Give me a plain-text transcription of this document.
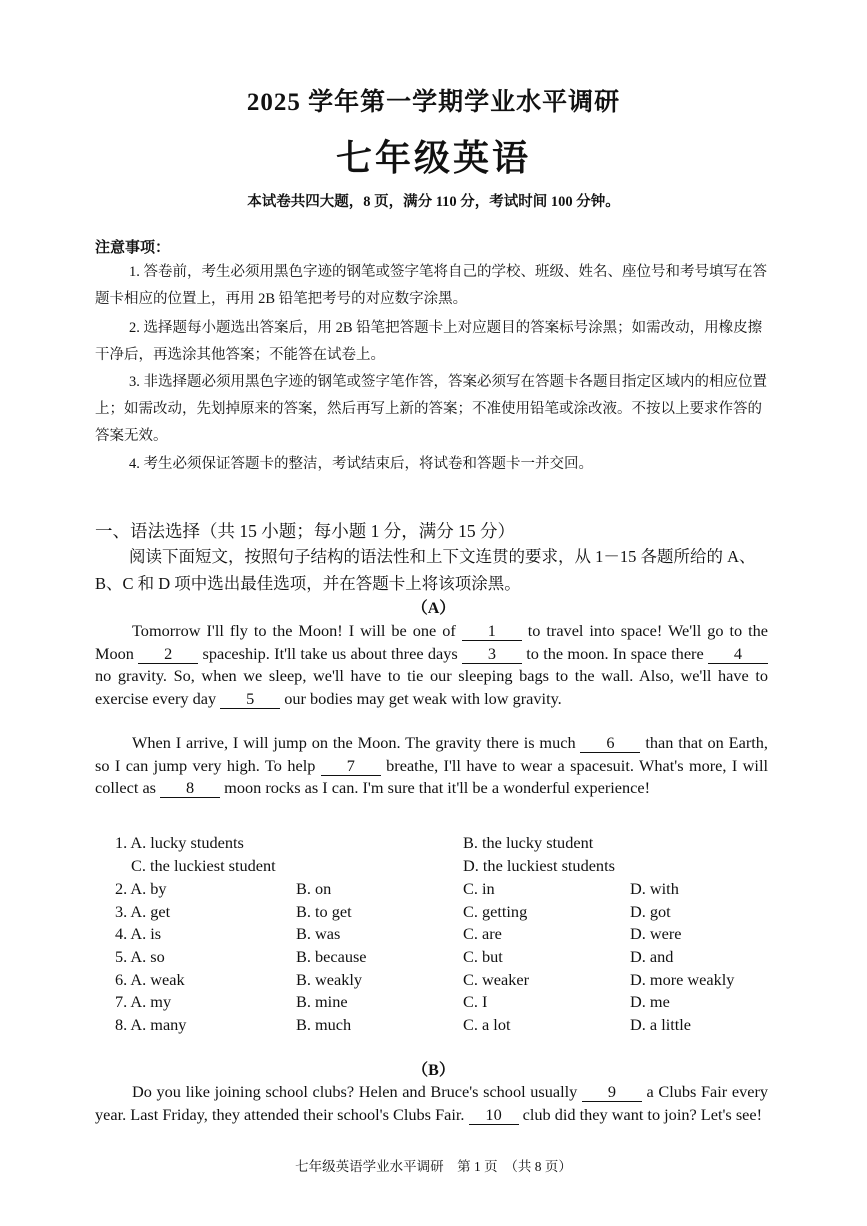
2025 学年第一学期学业水平调研
七年级英语
本试卷共四大题，8 页，满分 110 分，考试时间 100 分钟。
注意事项：
1. 答卷前，考生必须用黑色字迹的钢笔或签字笔将自己的学校、班级、姓名、座位号和考号填写在答题卡相应的位置上，再用 2B 铅笔把考号的对应数字涂黑。
2. 选择题每小题选出答案后，用 2B 铅笔把答题卡上对应题目的答案标号涂黑；如需改动，用橡皮擦干净后，再选涂其他答案；不能答在试卷上。
3. 非选择题必须用黑色字迹的钢笔或签字笔作答，答案必须写在答题卡各题目指定区域内的相应位置上；如需改动，先划掉原来的答案，然后再写上新的答案；不准使用铅笔或涂改液。不按以上要求作答的答案无效。
4. 考生必须保证答题卡的整洁，考试结束后，将试卷和答题卡一并交回。
一、语法选择（共 15 小题；每小题 1 分，满分 15 分）
阅读下面短文，按照句子结构的语法性和上下文连贯的要求，从 1－15 各题所给的 A、B、C 和 D 项中选出最佳选项，并在答题卡上将该项涂黑。
（A）
Tomorrow I'll fly to the Moon! I will be one of 1 to travel into space! We'll go to the Moon 2 spaceship. It'll take us about three days 3 to the moon. In space there 4 no gravity. So, when we sleep, we'll have to tie our sleeping bags to the wall. Also, we'll have to exercise every day 5 our bodies may get weak with low gravity.
When I arrive, I will jump on the Moon. The gravity there is much 6 than that on Earth, so I can jump very high. To help 7 breathe, I'll have to wear a spacesuit. What's more, I will collect as 8 moon rocks as I can. I'm sure that it'll be a wonderful experience!
1. A. lucky students	B. the lucky student
C. the luckiest student	D. the luckiest students
2. A. by	B. on	C. in	D. with
3. A. get	B. to get	C. getting	D. got
4. A. is	B. was	C. are	D. were
5. A. so	B. because	C. but	D. and
6. A. weak	B. weakly	C. weaker	D. more weakly
7. A. my	B. mine	C. I	D. me
8. A. many	B. much	C. a lot	D. a little
（B）
Do you like joining school clubs? Helen and Bruce's school usually 9 a Clubs Fair every year. Last Friday, they attended their school's Clubs Fair. 10 club did they want to join? Let's see!
七年级英语学业水平调研　第 1 页　（共 8 页）
